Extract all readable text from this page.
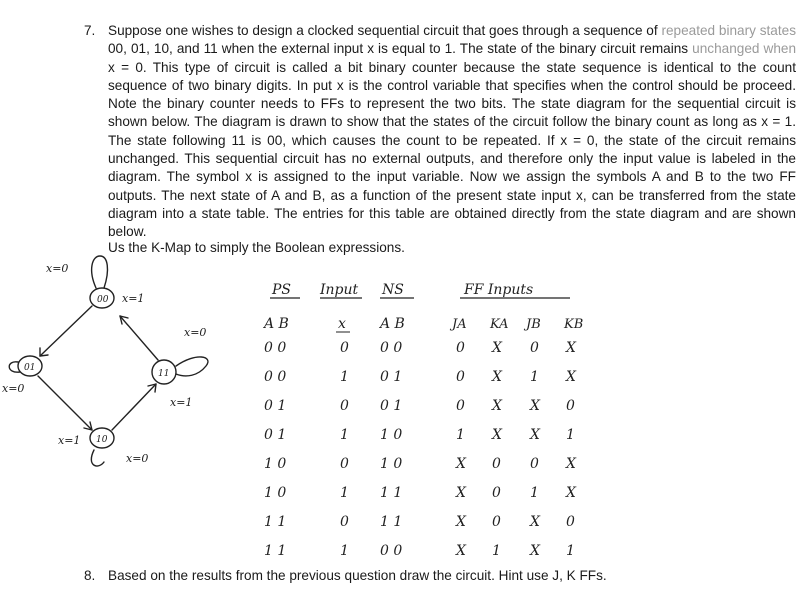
7. Suppose one wishes to design a clocked sequential circuit that goes through a sequence of repeated binary states 00, 01, 10, and 11 when the external input x is equal to 1. The state of the binary circuit remains unchanged when x = 0. This type of circuit is called a bit binary counter because the state sequence is identical to the count sequence of two binary digits. In put x is the control variable that specifies when the control should be proceed. Note the binary counter needs to FFs to represent the two bits. The state diagram for the sequential circuit is shown below. The diagram is drawn to show that the states of the circuit follow the binary count as long as x = 1. The state following 11 is 00, which causes the count to be repeated. If x = 0, the state of the circuit remains unchanged. This sequential circuit has no external outputs, and therefore only the input value is labeled in the diagram. The symbol x is assigned to the input variable. Now we assign the symbols A and B to the two FF outputs. The next state of A and B, as a function of the present state input x, can be transferred from the state diagram into a state table. The entries for this table are obtained directly from the state diagram and are shown below.
Us the K-Map to simply the Boolean expressions.
00
01
11
10
x=0
x=1
x=0
x=0
x=1
x=1
x=0
PS Input NS	FF Inputs
A B	x A B	JA KA JB KB
0 0	0 0 0	0 X 0 X
0 0	1 0 1	0 X 1 X
0 1	0 0 1	0 X X 0
0 1	1 1 0	1 X X 1
1 0	0 1 0	X 0 0 X
1 0	1 1 1	X 0 1 X
1 1	0 1 1	X 0 X 0
1 1	1 0 0	X 1 X 1
8. Based on the results from the previous question draw the circuit. Hint use J, K FFs.
